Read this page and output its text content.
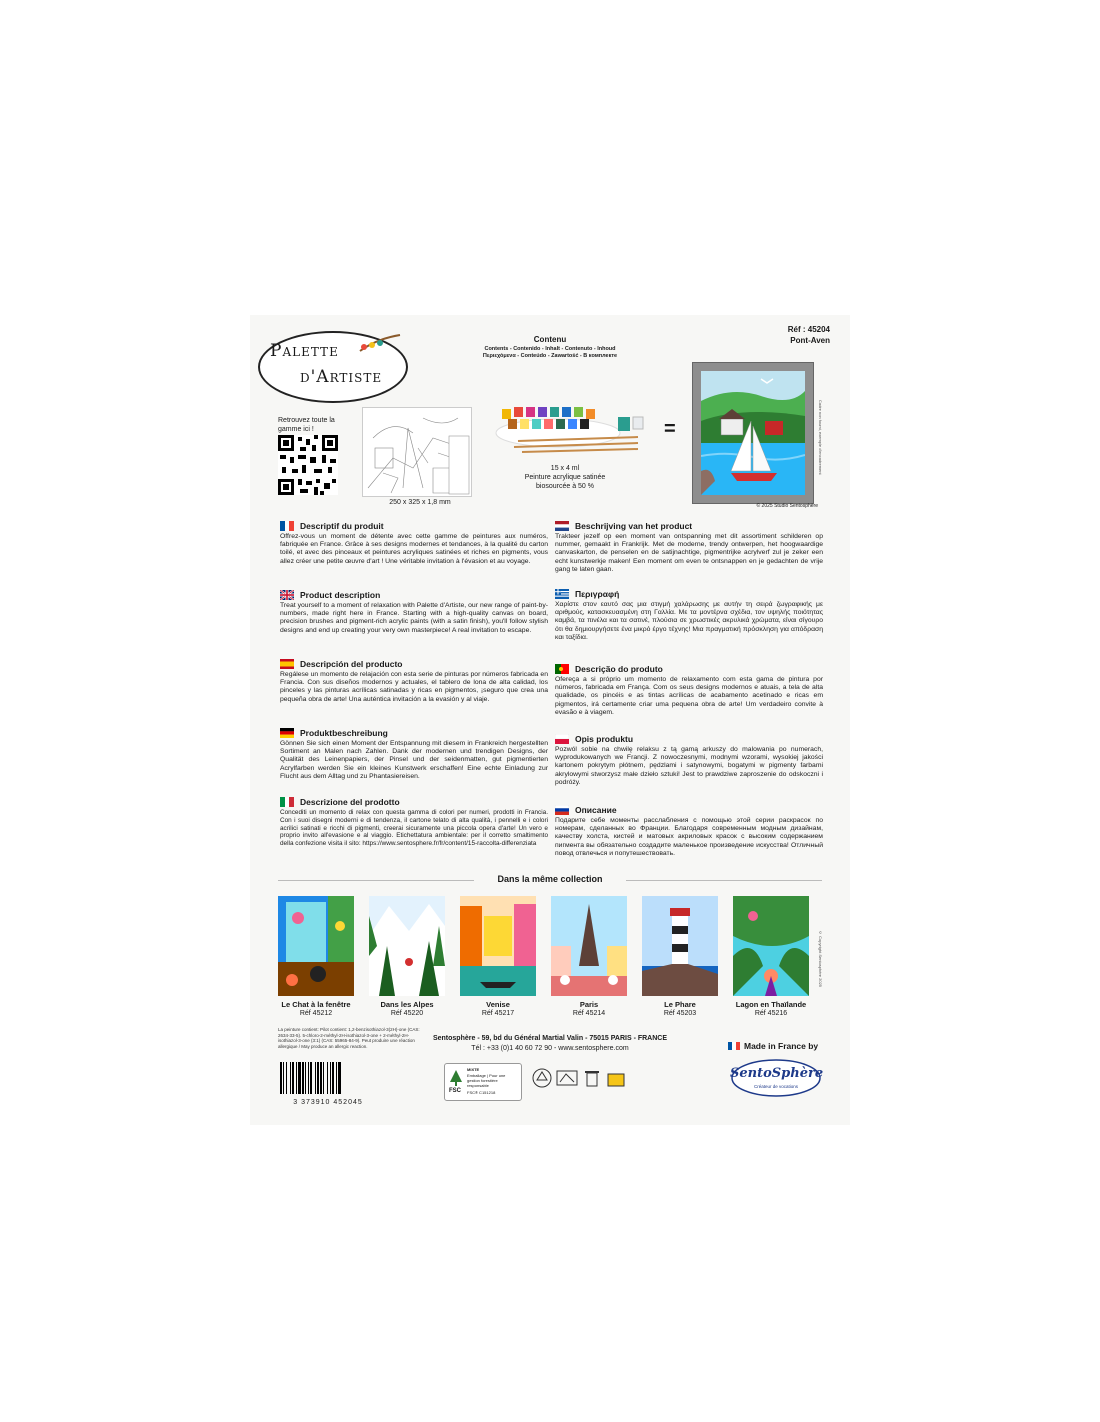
Palette
d'Artiste
Retrouvez toute la gamme ici !
250 x 325 x 1,8 mm
Contenu
Contents - Contenido - Inhalt - Contenuto - Inhoud
Περιεχόμενα - Conteúdo - Zawartość - В комплекте
15 x 4 ml
Peinture acrylique satinée
biosourcée à 50 %
=
Réf : 45204
Pont-Aven
Cadre non fourni, exemple d'encadrement
© 2025 Studio Sentosphère
Descriptif du produit
Offrez-vous un moment de détente avec cette gamme de peintures aux numéros, fabriquée en France. Grâce à ses designs modernes et tendances, à la qualité du carton toilé, et avec des pinceaux et peintures acryliques satinées et riches en pigments, vous allez créer une petite œuvre d'art ! Une véritable invitation à l'évasion et au voyage.
Product description
Treat yourself to a moment of relaxation with Palette d'Artiste, our new range of paint-by-numbers, made right here in France. Starting with a high-quality canvas on board, precision brushes and pigment-rich acrylic paints (with a satin finish), you'll follow stylish designs and end up creating your very own masterpiece! A real invitation to escape.
Descripción del producto
Regálese un momento de relajación con esta serie de pinturas por números fabricada en Francia. Con sus diseños modernos y actuales, el tablero de lona de alta calidad, los pinceles y las pinturas acrílicas satinadas y ricas en pigmentos, ¡seguro que crea una pequeña obra de arte! Una auténtica invitación a la evasión y al viaje.
Produktbeschreibung
Gönnen Sie sich einen Moment der Entspannung mit diesem in Frankreich hergestellten Sortiment an Malen nach Zahlen. Dank der modernen und trendigen Designs, der Qualität des Leinenpapiers, der Pinsel und der seidenmatten, gut pigmentierten Acrylfarben werden Sie ein kleines Kunstwerk erschaffen! Eine echte Einladung zur Flucht aus dem Alltag und zu Phantasiereisen.
Descrizione del prodotto
Concediti un momento di relax con questa gamma di colori per numeri, prodotti in Francia. Con i suoi disegni moderni e di tendenza, il cartone telato di alta qualità, i pennelli e i colori acrilici satinati e ricchi di pigmenti, creerai sicuramente una piccola opera d'arte! Un vero e proprio invito all'evasione e al viaggio. Etichettatura ambientale: per il corretto smaltimento della confezione visita il sito: https://www.sentosphere.fr/fr/content/15-raccolta-differenziata
Beschrijving van het product
Trakteer jezelf op een moment van ontspanning met dit assortiment schilderen op nummer, gemaakt in Frankrijk. Met de moderne, trendy ontwerpen, het hoogwaardige canvaskarton, de penselen en de satijnachtige, pigmentrijke acrylverf zul je zeker een echt kunstwerkje maken! Een moment om even te ontsnappen en je gedachten de vrije gang te laten gaan.
Περιγραφή
Χαρίστε στον εαυτό σας μια στιγμή χαλάρωσης με αυτήν τη σειρά ζωγραφικής με αριθμούς, κατασκευασμένη στη Γαλλία. Με τα μοντέρνα σχέδια, τον υψηλής ποιότητας καμβά, τα πινέλα και τα σατινέ, πλούσια σε χρωστικές ακρυλικά χρώματα, είναι σίγουρο ότι θα δημιουργήσετε ένα μικρό έργο τέχνης! Μια πραγματική πρόσκληση για απόδραση και ταξίδια.
Descrição do produto
Ofereça a si próprio um momento de relaxamento com esta gama de pintura por números, fabricada em França. Com os seus designs modernos e atuais, a tela de alta qualidade, os pincéis e as tintas acrílicas de acabamento acetinado e ricas em pigmentos, irá certamente criar uma pequena obra de arte! Um verdadeiro convite à evasão e à viagem.
Opis produktu
Pozwól sobie na chwilę relaksu z tą gamą arkuszy do malowania po numerach, wyprodukowanych we Francji. Z nowoczesnymi, modnymi wzorami, wysokiej jakości kartonem pokrytym płótnem, pędzlami i satynowymi, bogatymi w pigmenty farbami akrylowymi stworzysz małe dzieło sztuki! Jest to prawdziwe zaproszenie do odskoczni i podróży.
Описание
Подарите себе моменты расслабления с помощью этой серии раскрасок по номерам, сделанных во Франции. Благодаря современным модным дизайнам, качеству холста, кистей и матовых акриловых красок с высоким содержанием пигмента вы обязательно создадите маленькое произведение искусства! Отличный повод отвлечься и попутешествовать.
Dans la même collection
Le Chat à la fenêtre
Réf 45212
Dans les Alpes
Réf 45220
Venise
Réf 45217
Paris
Réf 45214
Le Phare
Réf 45203
Lagon en Thaïlande
Réf 45216
© Copyright Sentosphère 2025
La peinture contient: Pilot contient: 1,2-benzisothiazol-3(2H)-one (CAS: 2634-33-5). 5-chloro-2-méthyl-2H-isothiazol-3-one + 2-méthyl-2H-isothiazol-3-one (3:1) (CAS: 55965-84-9). Peut produire une réaction allergique / May produce an allergic reaction.
3 373910 452045
Sentosphère - 59, bd du Général Martial Valin - 75015 PARIS - FRANCE
Tél : +33 (0)1 40 60 72 90 - www.sentosphere.com
FSC
MIXTE
Emballage | Pour une gestion forestière responsable
FSC® C151218
Made in France by
SentoSphère
Créateur de vocations
